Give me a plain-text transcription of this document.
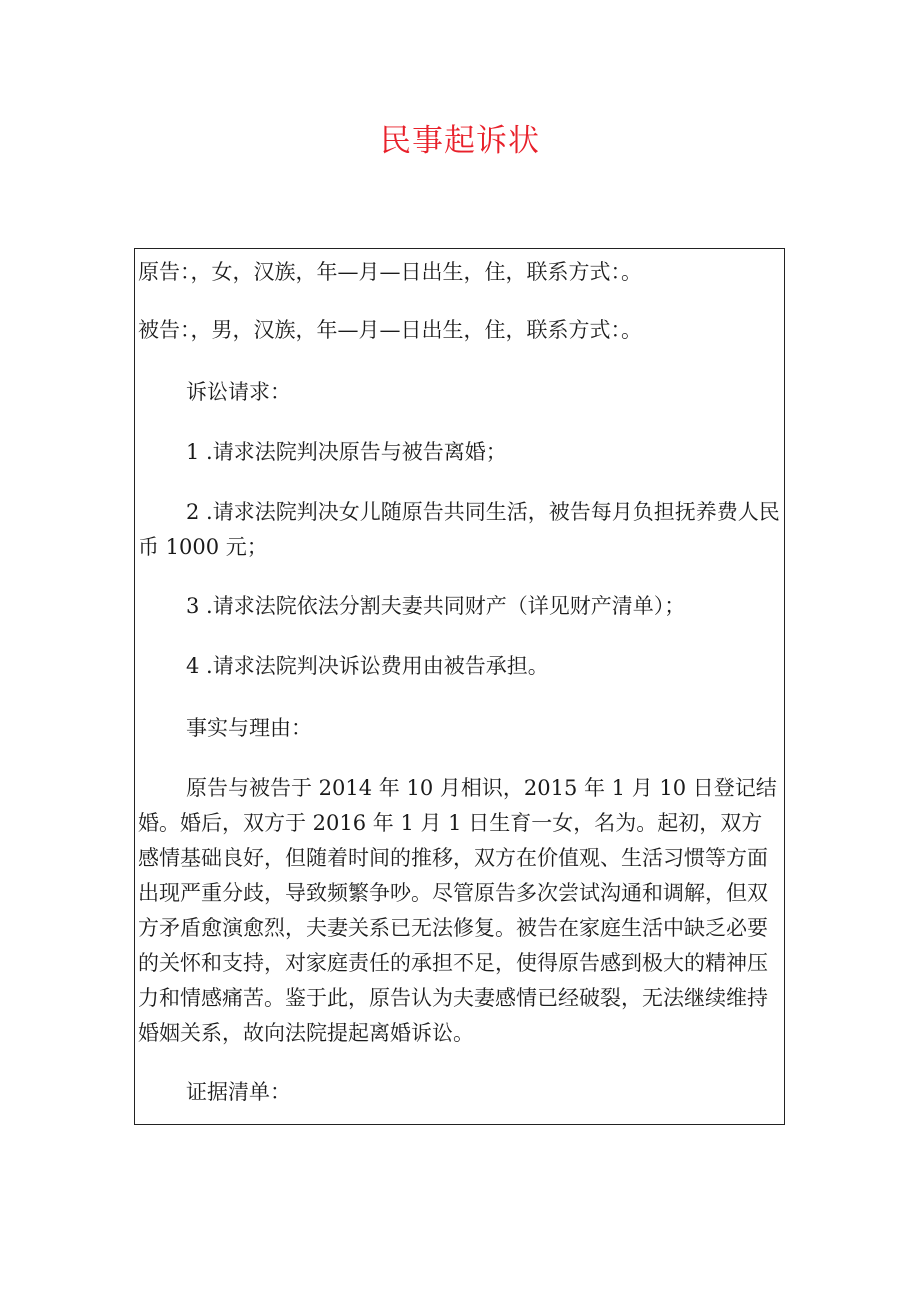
民事起诉状

原告：，女，汉族，年—月—日出生，住，联系方式：。

被告：，男，汉族，年—月—日出生，住，联系方式：。

诉讼请求：

1 .请求法院判决原告与被告离婚；

2 .请求法院判决女儿随原告共同生活，被告每月负担抚养费人民币 1000 元；

3 .请求法院依法分割夫妻共同财产（详见财产清单）；

4 .请求法院判决诉讼费用由被告承担。

事实与理由：

原告与被告于 2014 年 10 月相识，2015 年 1 月 10 日登记结婚。婚后，双方于 2016 年 1 月 1 日生育一女，名为。起初，双方感情基础良好，但随着时间的推移，双方在价值观、生活习惯等方面出现严重分歧，导致频繁争吵。尽管原告多次尝试沟通和调解，但双方矛盾愈演愈烈，夫妻关系已无法修复。被告在家庭生活中缺乏必要的关怀和支持，对家庭责任的承担不足，使得原告感到极大的精神压力和情感痛苦。鉴于此，原告认为夫妻感情已经破裂，无法继续维持婚姻关系，故向法院提起离婚诉讼。

证据清单：
